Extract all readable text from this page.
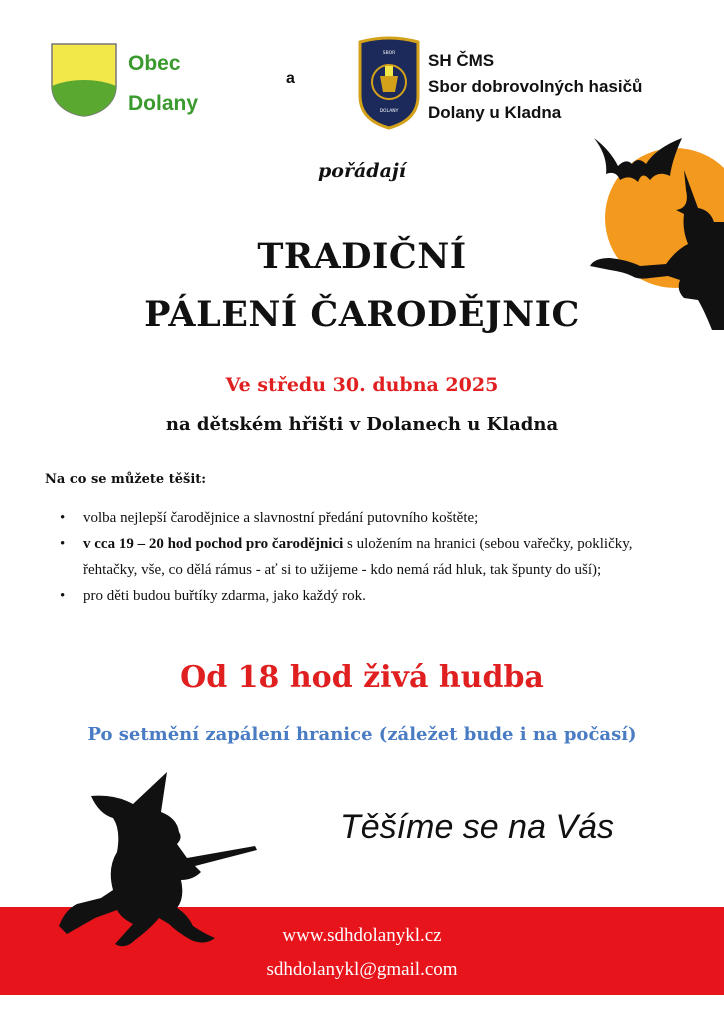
Obec
Dolany
a
SBOR
DOLANY
SH ČMS
Sbor dobrovolných hasičů
Dolany u Kladna
pořádají
TRADIČNÍ
PÁLENÍ ČARODĚJNIC
Ve středu 30. dubna 2025
na dětském hřišti v Dolanech u Kladna
Na co se můžete těšit:
• volba nejlepší čarodějnice a slavnostní předání putovního koštěte;
• v cca 19 – 20 hod pochod pro čarodějnici s uložením na hranici (sebou vařečky, pokličky, řehtačky, vše, co dělá rámus - ať si to užijeme - kdo nemá rád hluk, tak špunty do uší);
• pro děti budou buřtíky zdarma, jako každý rok.
Od 18 hod živá hudba
Po setmění zapálení hranice (záležet bude i na počasí)
www.sdhdolanykl.cz
sdhdolanykl@gmail.com
Těšíme se na Vás
